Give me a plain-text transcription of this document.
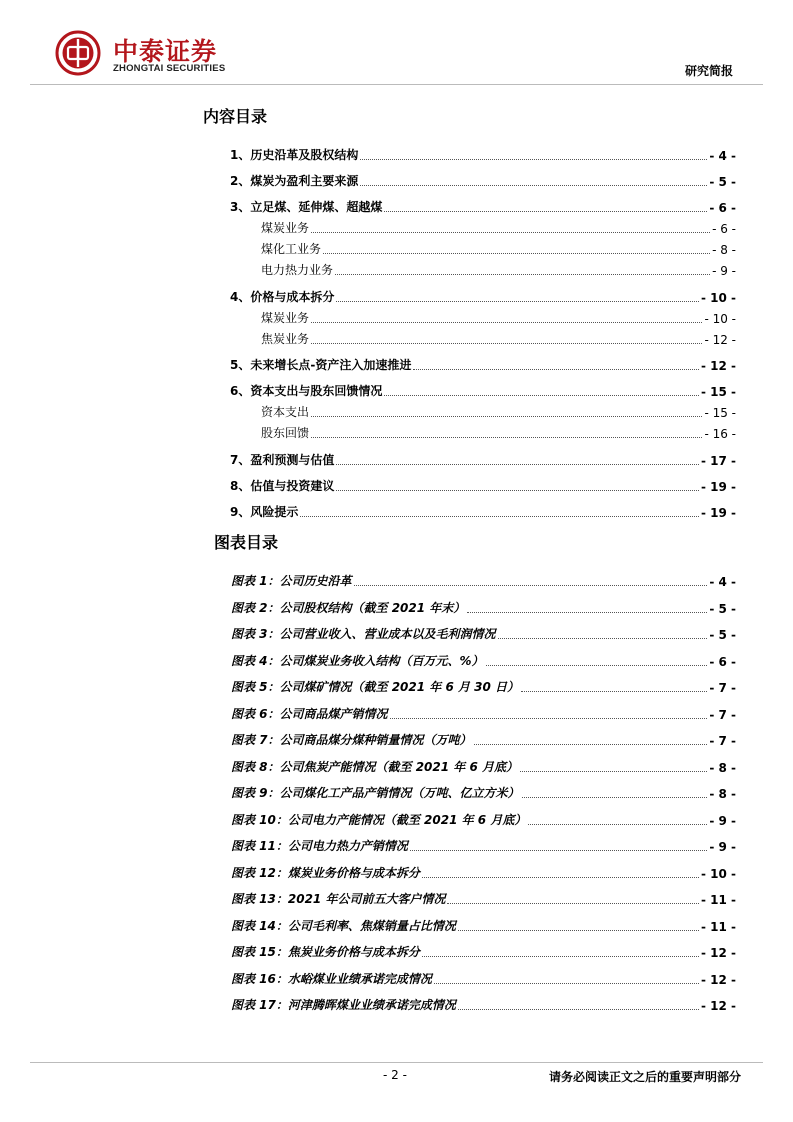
中泰证券
ZHONGTAI SECURITIES	研究简报
内容目录
图表目录
1、历史沿革及股权结构	- 4 -
2、煤炭为盈利主要来源	- 5 -
3、立足煤、延伸煤、超越煤	- 6 -
煤炭业务	- 6 -
煤化工业务	- 8 -
电力热力业务	- 9 -
4、价格与成本拆分	- 10 -
煤炭业务	- 10 -
焦炭业务	- 12 -
5、未来增长点-资产注入加速推进	- 12 -
6、资本支出与股东回馈情况	- 15 -
资本支出	- 15 -
股东回馈	- 16 -
7、盈利预测与估值	- 17 -
8、估值与投资建议	- 19 -
9、风险提示	- 19 -
图表 1：公司历史沿革	- 4 -
图表 2：公司股权结构（截至 2021 年末）	- 5 -
图表 3：公司营业收入、营业成本以及毛利润情况	- 5 -
图表 4：公司煤炭业务收入结构（百万元、%）	- 6 -
图表 5：公司煤矿情况（截至 2021 年 6 月 30 日）	- 7 -
图表 6：公司商品煤产销情况	- 7 -
图表 7：公司商品煤分煤种销量情况（万吨）	- 7 -
图表 8：公司焦炭产能情况（截至 2021 年 6 月底）	- 8 -
图表 9：公司煤化工产品产销情况（万吨、亿立方米）	- 8 -
图表 10：公司电力产能情况（截至 2021 年 6 月底）	- 9 -
图表 11：公司电力热力产销情况	- 9 -
图表 12：煤炭业务价格与成本拆分	- 10 -
图表 13：2021 年公司前五大客户情况	- 11 -
图表 14：公司毛利率、焦煤销量占比情况	- 11 -
图表 15：焦炭业务价格与成本拆分	- 12 -
图表 16：水峪煤业业绩承诺完成情况	- 12 -
图表 17：河津腾晖煤业业绩承诺完成情况	- 12 -
- 2 -	请务必阅读正文之后的重要声明部分
